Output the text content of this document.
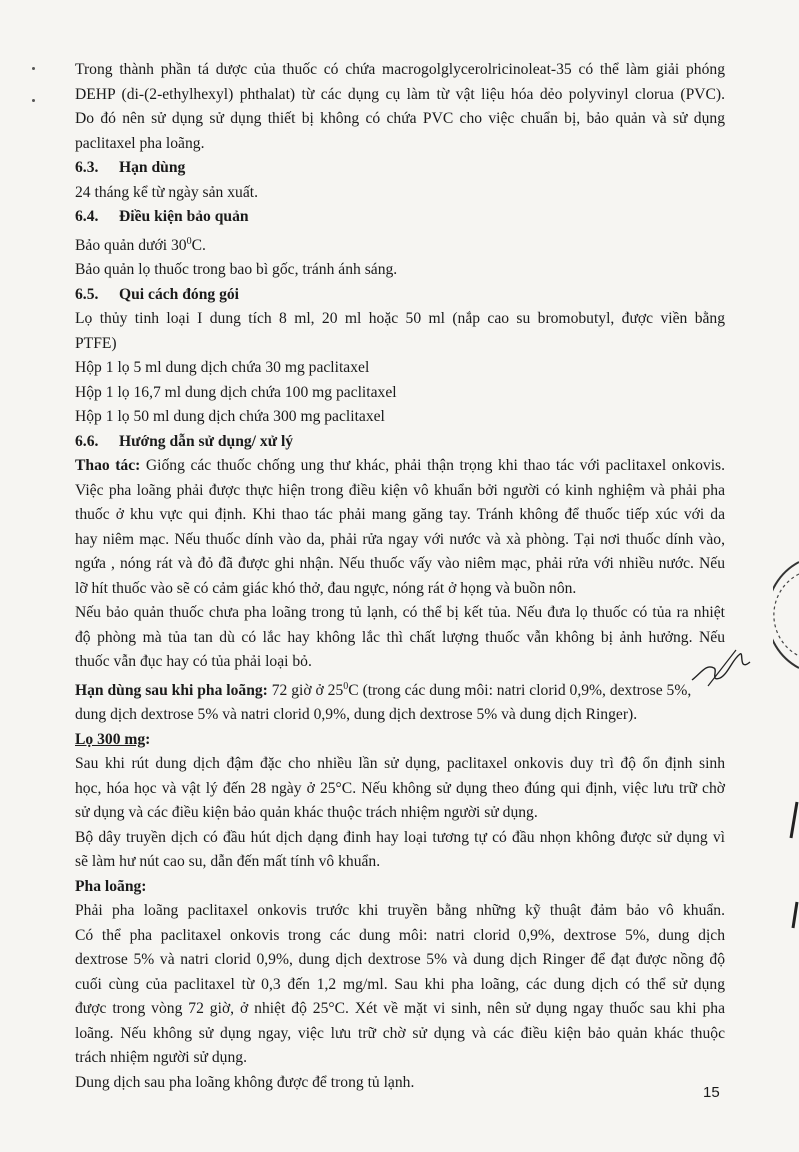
Trong thành phần tá dược của thuốc có chứa macrogolglycerolricinoleat-35 có thể làm giải phóng

DEHP (di-(2-ethylhexyl) phthalat) từ các dụng cụ làm từ vật liệu hóa dẻo polyvinyl clorua (PVC).

Do đó nên sử dụng sử dụng thiết bị không có chứa PVC cho việc chuẩn bị, bảo quản và sử dụng

paclitaxel pha loãng.

6.3. Hạn dùng

24 tháng kể từ ngày sản xuất.

6.4. Điều kiện bảo quản

Bảo quản dưới $30^0C$.

Bảo quản lọ thuốc trong bao bì gốc, tránh ánh sáng.

6.5. Qui cách đóng gói

Lọ thủy tinh loại I dung tích 8 ml, 20 ml hoặc 50 ml (nắp cao su bromobutyl, được viền bằng

PTFE)

Hộp 1 lọ 5 ml dung dịch chứa 30 mg paclitaxel

Hộp 1 lọ 16,7 ml dung dịch chứa 100 mg paclitaxel

Hộp 1 lọ 50 ml dung dịch chứa 300 mg paclitaxel

6.6. Hướng dẫn sử dụng/ xử lý

Thao tác: Giống các thuốc chống ung thư khác, phải thận trọng khi thao tác với paclitaxel onkovis.

Việc pha loãng phải được thực hiện trong điều kiện vô khuẩn bởi người có kinh nghiệm và phải pha

thuốc ở khu vực qui định. Khi thao tác phải mang găng tay. Tránh không để thuốc tiếp xúc với da

hay niêm mạc. Nếu thuốc dính vào da, phải rửa ngay với nước và xà phòng. Tại nơi thuốc dính vào,

ngứa , nóng rát và đỏ đã được ghi nhận. Nếu thuốc vấy vào niêm mạc, phải rửa với nhiều nước. Nếu

lỡ hít thuốc vào sẽ có cảm giác khó thở, đau ngực, nóng rát ở họng và buồn nôn.

Nếu bảo quản thuốc chưa pha loãng trong tủ lạnh, có thể bị kết tủa. Nếu đưa lọ thuốc có tủa ra nhiệt

độ phòng mà tủa tan dù có lắc hay không lắc thì chất lượng thuốc vẫn không bị ảnh hưởng. Nếu

thuốc vẫn đục hay có tủa phải loại bỏ.

Hạn dùng sau khi pha loãng: 72 giờ ở $25^0C$ (trong các dung môi: natri clorid 0,9%, dextrose 5%,

dung dịch dextrose 5% và natri clorid 0,9%, dung dịch dextrose 5% và dung dịch Ringer).

Lọ 300 mg:

Sau khi rút dung dịch đậm đặc cho nhiều lần sử dụng, paclitaxel onkovis duy trì độ ổn định sinh

học, hóa học và vật lý đến 28 ngày ở 25°C. Nếu không sử dụng theo đúng qui định, việc lưu trữ chờ

sử dụng và các điều kiện bảo quản khác thuộc trách nhiệm người sử dụng.

Bộ dây truyền dịch có đầu hút dịch dạng đinh hay loại tương tự có đầu nhọn không được sử dụng vì

sẽ làm hư nút cao su, dẫn đến mất tính vô khuẩn.

Pha loãng:

Phải pha loãng paclitaxel onkovis trước khi truyền bằng những kỹ thuật đảm bảo vô khuẩn.

Có thể pha paclitaxel onkovis trong các dung môi: natri clorid 0,9%, dextrose 5%, dung dịch

dextrose 5% và natri clorid 0,9%, dung dịch dextrose 5% và dung dịch Ringer để đạt được nồng độ

cuối cùng của paclitaxel từ 0,3 đến 1,2 mg/ml. Sau khi pha loãng, các dung dịch có thể sử dụng

được trong vòng 72 giờ, ở nhiệt độ 25°C. Xét về mặt vi sinh, nên sử dụng ngay thuốc sau khi pha

loãng. Nếu không sử dụng ngay, việc lưu trữ chờ sử dụng và các điều kiện bảo quản khác thuộc

trách nhiệm người sử dụng.

Dung dịch sau pha loãng không được để trong tủ lạnh.

15
